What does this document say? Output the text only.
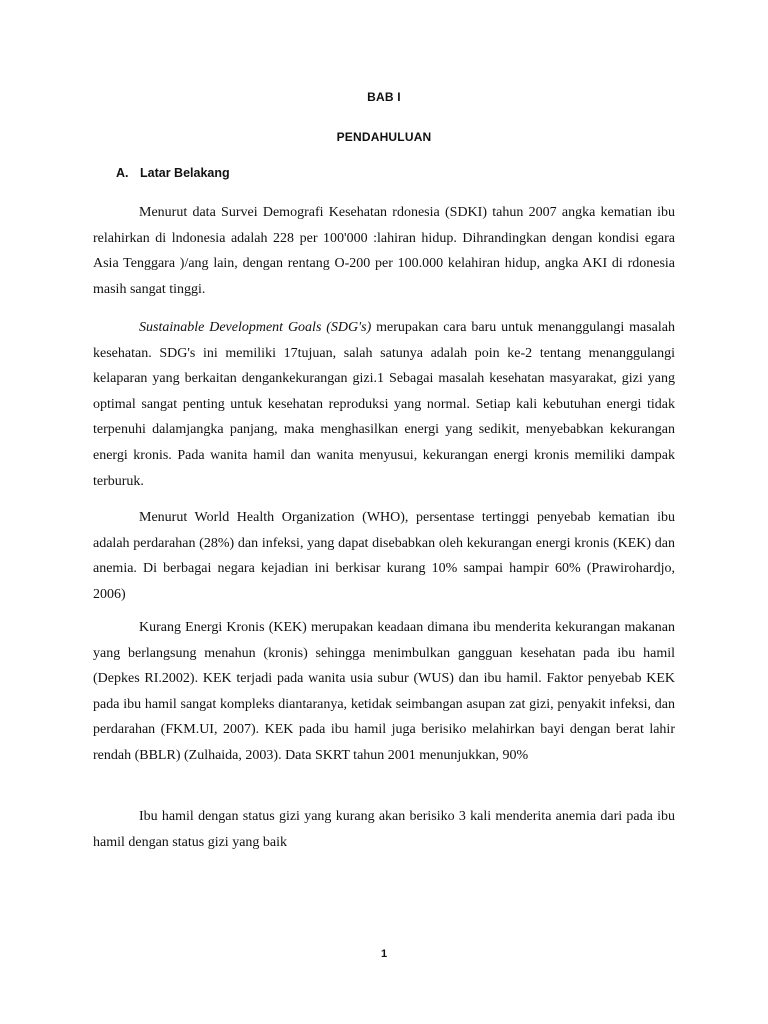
BAB I
PENDAHULUAN
A. Latar Belakang

Menurut data Survei Demografi Kesehatan rdonesia (SDKI) tahun 2007 angka kematian ibu relahirkan di lndonesia adalah 228 per 100'000 :lahiran hidup. Dihrandingkan dengan kondisi egara Asia Tenggara )/ang lain, dengan rentang O-200 per 100.000 kelahiran hidup, angka AKI di rdonesia masih sangat tinggi.

Sustainable Development Goals (SDG's) merupakan cara baru untuk menanggulangi masalah kesehatan. SDG's ini memiliki 17tujuan, salah satunya adalah poin ke-2 tentang menanggulangi kelaparan yang berkaitan dengankekurangan gizi.1 Sebagai masalah kesehatan masyarakat, gizi yang optimal sangat penting untuk kesehatan reproduksi yang normal. Setiap kali kebutuhan energi tidak terpenuhi dalamjangka panjang, maka menghasilkan energi yang sedikit, menyebabkan kekurangan energi kronis. Pada wanita hamil dan wanita menyusui, kekurangan energi kronis memiliki dampak terburuk.

Menurut World Health Organization (WHO), persentase tertinggi penyebab kematian ibu adalah perdarahan (28%) dan infeksi, yang dapat disebabkan oleh kekurangan energi kronis (KEK) dan anemia. Di berbagai negara kejadian ini berkisar kurang 10% sampai hampir 60% (Prawirohardjo, 2006)

Kurang Energi Kronis (KEK) merupakan keadaan dimana ibu menderita kekurangan makanan yang berlangsung menahun (kronis) sehingga menimbulkan gangguan kesehatan pada ibu hamil (Depkes RI.2002). KEK terjadi pada wanita usia subur (WUS) dan ibu hamil. Faktor penyebab KEK pada ibu hamil sangat kompleks diantaranya, ketidak seimbangan asupan zat gizi, penyakit infeksi, dan perdarahan (FKM.UI, 2007). KEK pada ibu hamil juga berisiko melahirkan bayi dengan berat lahir rendah (BBLR) (Zulhaida, 2003). Data SKRT tahun 2001 menunjukkan, 90%

Ibu hamil dengan status gizi yang kurang akan berisiko 3 kali menderita anemia dari pada ibu hamil dengan status gizi yang baik

1
